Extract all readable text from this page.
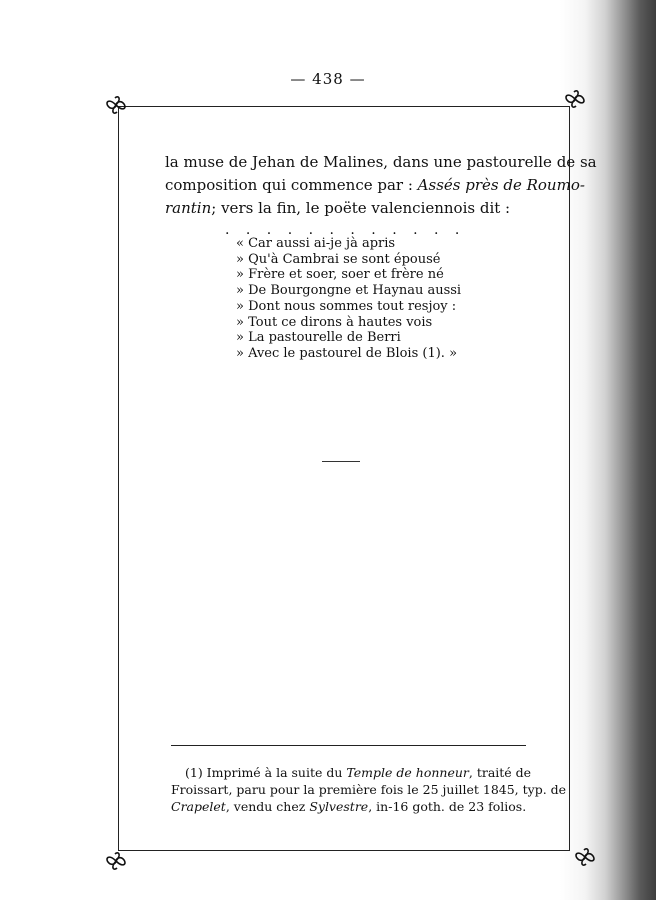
— 438 —
la muse de Jehan de Malines, dans une pastourelle de sa
composition qui commence par : Assés près de Roumo-
rantin; vers la fin, le poëte valenciennois dit :
. . . . . . . . . . . .
« Car aussi ai-je jà apris
» Qu'à Cambrai se sont épousé
» Frère et soer, soer et frère né
» De Bourgongne et Haynau aussi
» Dont nous sommes tout resjoy :
» Tout ce dirons à hautes vois
» La pastourelle de Berri
» Avec le pastourel de Blois (1). »
(1) Imprimé à la suite du Temple de honneur, traité de
Froissart, paru pour la première fois le 25 juillet 1845, typ. de
Crapelet, vendu chez Sylvestre, in-16 goth. de 23 folios.
